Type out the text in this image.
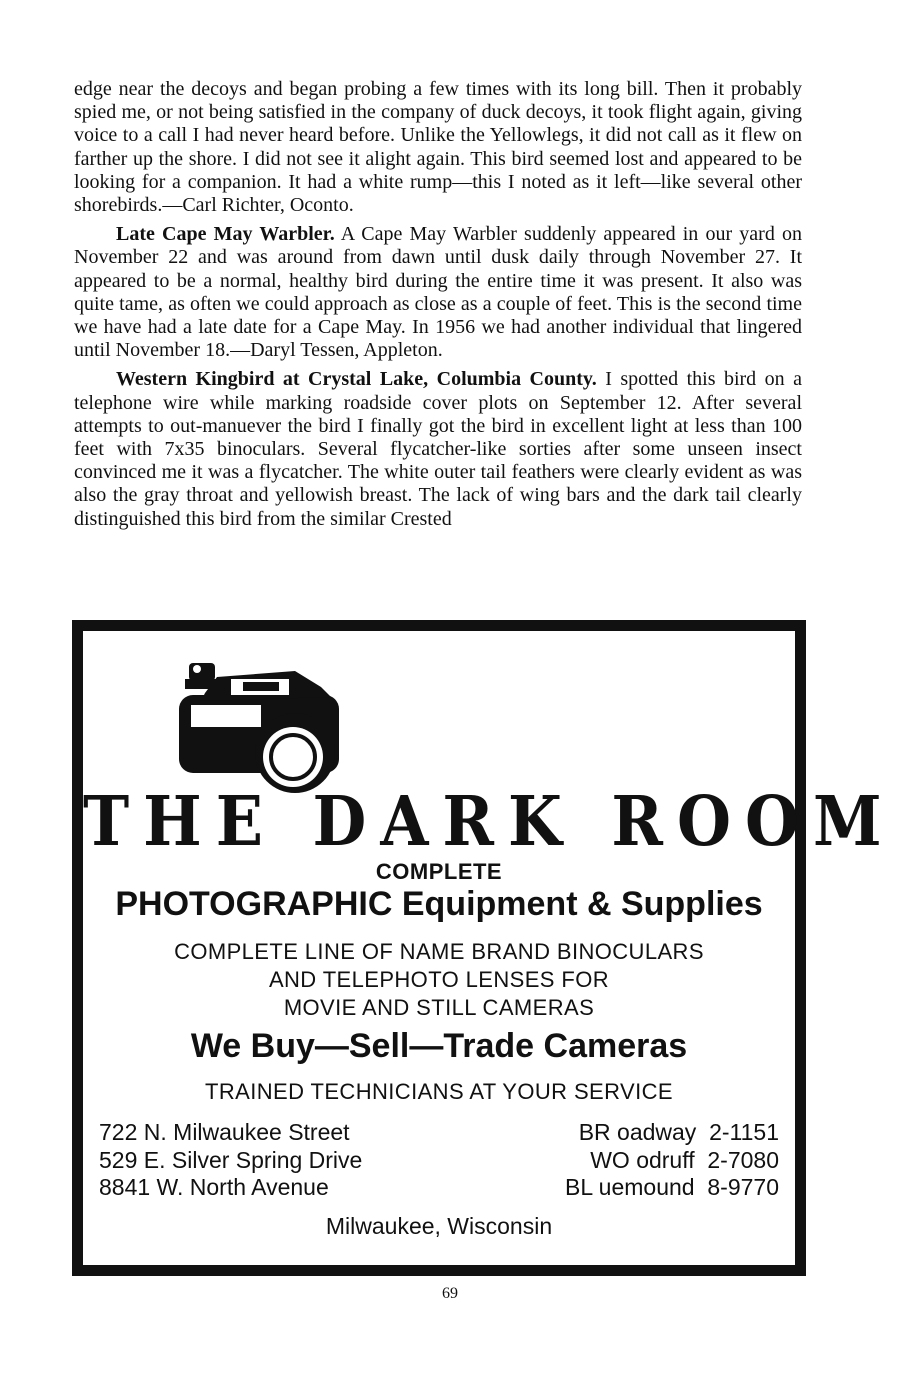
edge near the decoys and began probing a few times with its long bill. Then it probably spied me, or not being satisfied in the company of duck decoys, it took flight again, giving voice to a call I had never heard before. Unlike the Yellowlegs, it did not call as it flew on farther up the shore. I did not see it alight again. This bird seemed lost and appeared to be looking for a companion. It had a white rump—this I noted as it left—like several other shorebirds.—Carl Richter, Oconto.

Late Cape May Warbler. A Cape May Warbler suddenly appeared in our yard on November 22 and was around from dawn until dusk daily through November 27. It appeared to be a normal, healthy bird during the entire time it was present. It also was quite tame, as often we could approach as close as a couple of feet. This is the second time we have had a late date for a Cape May. In 1956 we had another individual that lingered until November 18.—Daryl Tessen, Appleton.

Western Kingbird at Crystal Lake, Columbia County. I spotted this bird on a telephone wire while marking roadside cover plots on September 12. After several attempts to out-manuever the bird I finally got the bird in excellent light at less than 100 feet with 7x35 binoculars. Several flycatcher-like sorties after some unseen insect convinced me it was a flycatcher. The white outer tail feathers were clearly evident as was also the gray throat and yellowish breast. The lack of wing bars and the dark tail clearly distinguished this bird from the similar Crested

THE DARK ROOM
COMPLETE
PHOTOGRAPHIC Equipment & Supplies
COMPLETE LINE OF NAME BRAND BINOCULARS
AND TELEPHOTO LENSES FOR
MOVIE AND STILL CAMERAS
We Buy—Sell—Trade Cameras
TRAINED TECHNICIANS AT YOUR SERVICE
722 N. Milwaukee Street
529 E. Silver Spring Drive
8841 W. North Avenue
BR oadway  2-1151
WO odruff  2-7080
BL uemound  8-9770
Milwaukee, Wisconsin
69
